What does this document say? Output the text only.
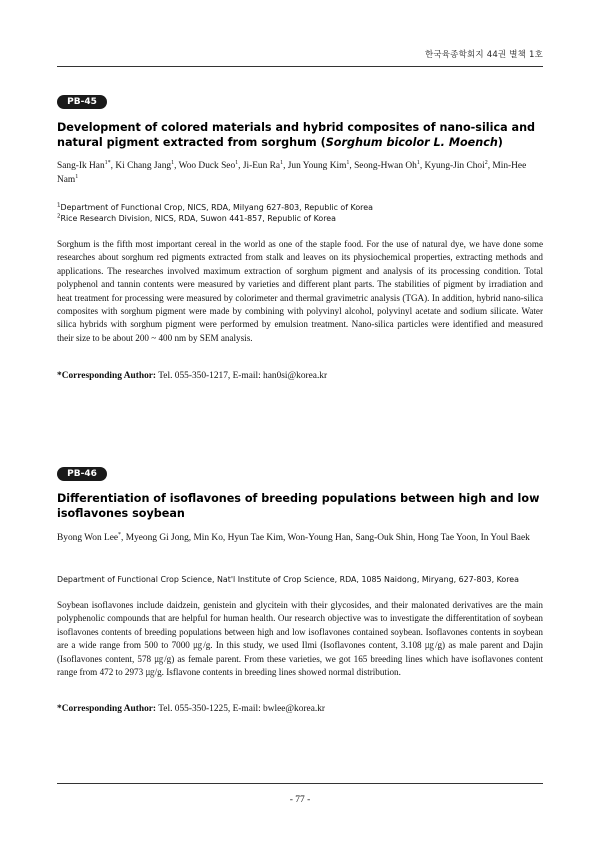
한국육종학회지 44권 별책 1호
PB-45
Development of colored materials and hybrid composites of nano-silica and natural pigment extracted from sorghum (Sorghum bicolor L. Moench)
Sang-Ik Han$^{1*}$, Ki Chang Jang$^1$, Woo Duck Seo$^1$, Ji-Eun Ra$^1$, Jun Young Kim$^1$, Seong-Hwan Oh$^1$, Kyung-Jin Choi$^2$, Min-Hee Nam$^1$
$^1$Department of Functional Crop, NICS, RDA, Milyang 627-803, Republic of Korea
$^2$Rice Research Division, NICS, RDA, Suwon 441-857, Republic of Korea

Sorghum is the fifth most important cereal in the world as one of the staple food. For the use of natural dye, we have done some researches about sorghum red pigments extracted from stalk and leaves on its physiochemical properties, extracting methods and applications. The researches involved maximum extraction of sorghum pigment and analysis of its processing condition. Total polyphenol and tannin contents were measured by varieties and different plant parts. The stabilities of pigment by irradiation and heat treatment for processing were measured by colorimeter and thermal gravimetric analysis (TGA). In addition, hybrid nano-silica composites with sorghum pigment were made by combining with polyvinyl alcohol, polyvinyl acetate and sodium silicate. Water silica hybrids with sorghum pigment were performed by emulsion treatment. Nano-silica particles were identified and measured their size to be about 200 ~ 400 nm by SEM analysis.

*Corresponding Author: Tel. 055-350-1217, E-mail: han0si@korea.kr
PB-46
Differentiation of isoflavones of breeding populations between high and low isoflavones soybean
Byong Won Lee*, Myeong Gi Jong, Min Ko, Hyun Tae Kim, Won-Young Han, Sang-Ouk Shin, Hong Tae Yoon, In Youl Baek
Department of Functional Crop Science, Nat'l Institute of Crop Science, RDA, 1085 Naidong, Miryang, 627-803, Korea

Soybean isoflavones include daidzein, genistein and glycitein with their glycosides, and their malonated derivatives are the main polyphenolic compounds that are helpful for human health. Our research objective was to investigate the differentitation of soybean isoflavones contents of breeding populations between high and low isoflavones contained soybean. Isoflavones contents in soybean are a wide range from 500 to 7000 ㎍/g. In this study, we used Ilmi (Isoflavones content, 3.108 ㎍/g) as male parent and Dajin (Isoflavones content, 578 ㎍/g) as female parent. From these varieties, we got 165 breeding lines which have isoflavones content range from 472 to 2973 ㎍/g. Isflavone contents in breeding lines showed normal distribution.

*Corresponding Author: Tel. 055-350-1225, E-mail: bwlee@korea.kr
- 77 -
